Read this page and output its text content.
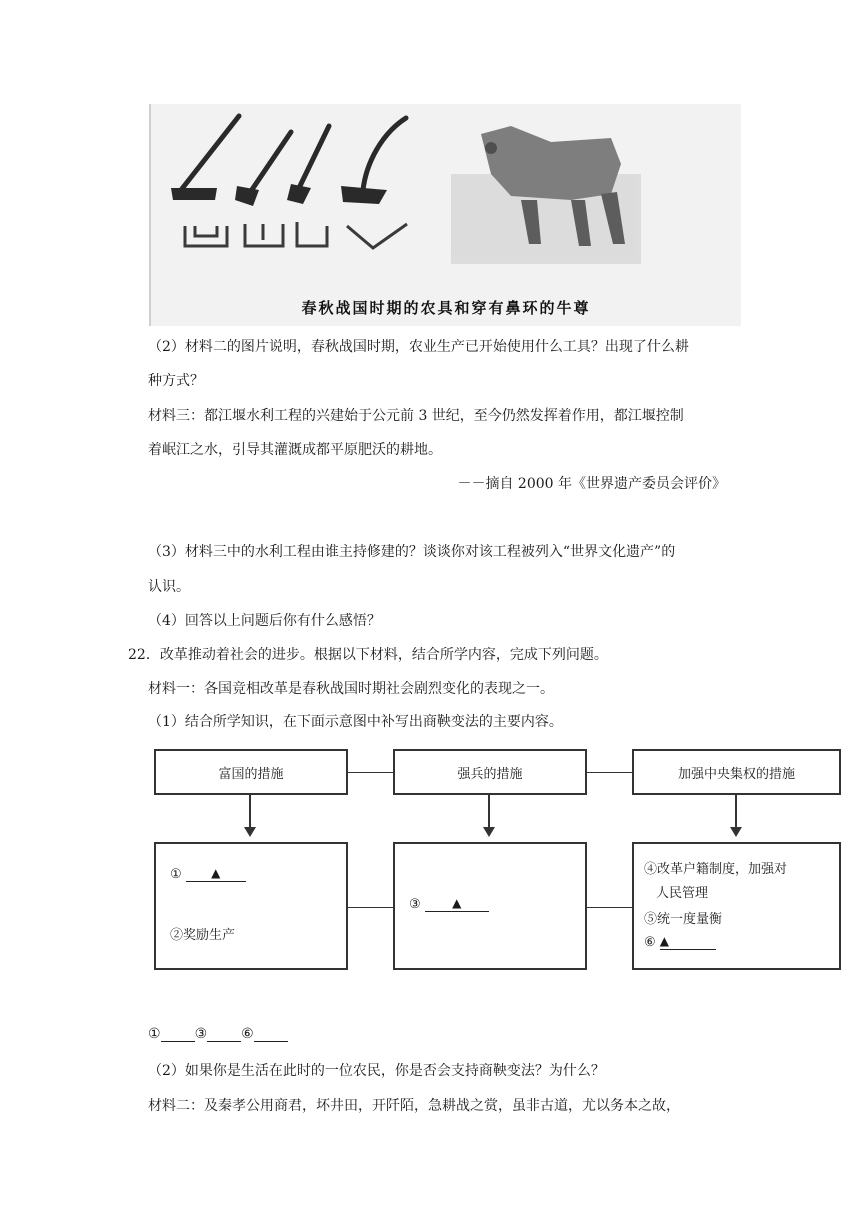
春秋战国时期的农具和穿有鼻环的牛尊
（2）材料二的图片说明，春秋战国时期，农业生产已开始使用什么工具？出现了什么耕
种方式？
材料三：都江堰水利工程的兴建始于公元前 3 世纪，至今仍然发挥着作用，都江堰控制
着岷江之水，引导其灌溉成都平原肥沃的耕地。
－－摘自 2000 年《世界遗产委员会评价》
（3）材料三中的水利工程由谁主持修建的？谈谈你对该工程被列入“世界文化遗产”的
认识。
（4）回答以上问题后你有什么感悟？
22．改革推动着社会的进步。根据以下材料，结合所学内容，完成下列问题。
材料一：各国竞相改革是春秋战国时期社会剧烈变化的表现之一。
（1）结合所学知识，在下面示意图中补写出商鞅变法的主要内容。
富国的措施	强兵的措施	加强中央集权的措施
① ▲
②奖励生产
③	▲
④改革户籍制度，加强对
人民管理
⑤统一度量衡
⑥ ▲
① ③ ⑥
（2）如果你是生活在此时的一位农民，你是否会支持商鞅变法？为什么？
材料二：及秦孝公用商君，坏井田，开阡陌，急耕战之赏，虽非古道，尤以务本之故，
